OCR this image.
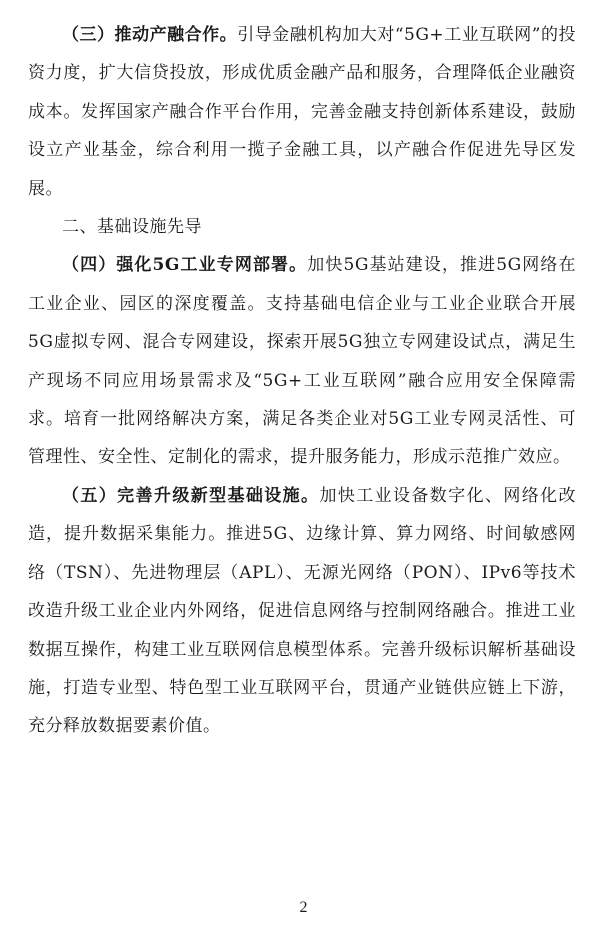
（三）推动产融合作。引导金融机构加大对“5G+工业互联网”的投资力度，扩大信贷投放，形成优质金融产品和服务，合理降低企业融资成本。发挥国家产融合作平台作用，完善金融支持创新体系建设，鼓励设立产业基金，综合利用一揽子金融工具，以产融合作促进先导区发展。

二、基础设施先导

（四）强化5G工业专网部署。加快5G基站建设，推进5G网络在工业企业、园区的深度覆盖。支持基础电信企业与工业企业联合开展5G虚拟专网、混合专网建设，探索开展5G独立专网建设试点，满足生产现场不同应用场景需求及“5G+工业互联网”融合应用安全保障需求。培育一批网络解决方案，满足各类企业对5G工业专网灵活性、可管理性、安全性、定制化的需求，提升服务能力，形成示范推广效应。

（五）完善升级新型基础设施。加快工业设备数字化、网络化改造，提升数据采集能力。推进5G、边缘计算、算力网络、时间敏感网络（TSN）、先进物理层（APL）、无源光网络（PON）、IPv6等技术改造升级工业企业内外网络，促进信息网络与控制网络融合。推进工业数据互操作，构建工业互联网信息模型体系。完善升级标识解析基础设施，打造专业型、特色型工业互联网平台，贯通产业链供应链上下游，充分释放数据要素价值。

2
